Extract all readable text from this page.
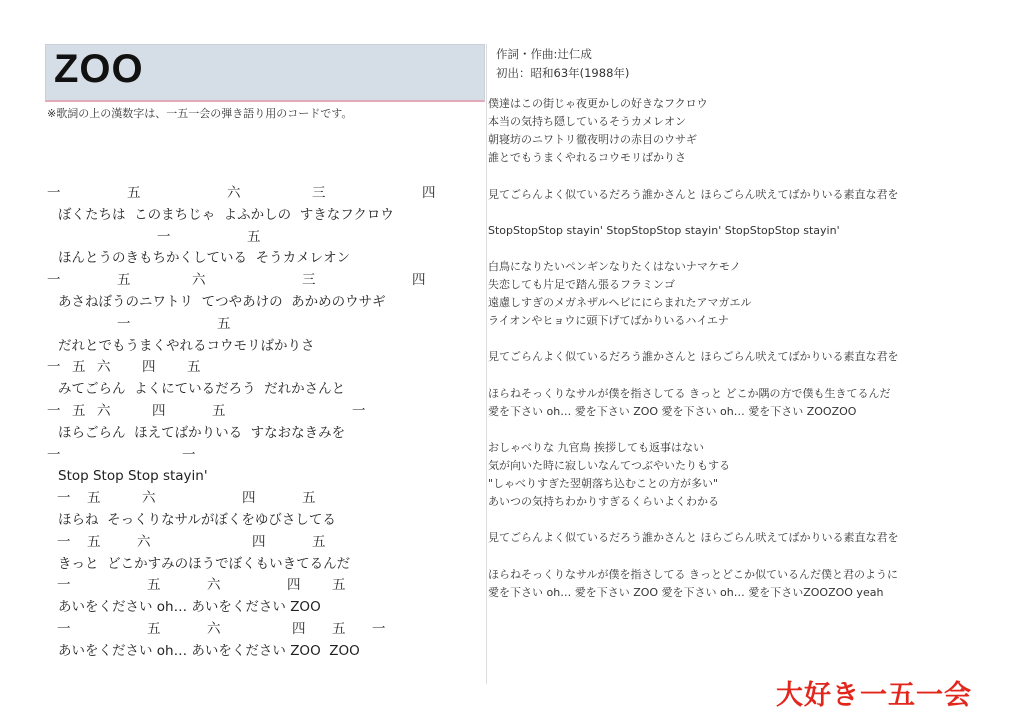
ZOO
※歌詞の上の漢数字は、一五一会の弾き語り用のコードです。
一	五	六	三	四
ぼくたちは  このまちじゃ  よふかしの  すきなフクロウ
一	五
ほんとうのきもちかくしている  そうカメレオン
一	五	六	三	四
あさねぼうのニワトリ  てつやあけの  あかめのウサギ
一	五
だれとでもうまくやれるコウモリばかりさ
一 五 六 四 五
みてごらん  よくにているだろう  だれかさんと
一 五 六	四	五	一
ほらごらん  ほえてばかりいる  すなおなきみを
一	一
Stop Stop Stop stayin'
一 五	六	四	五
ほらね  そっくりなサルがぼくをゆびさしてる
一 五	六	四	五
きっと  どこかすみのほうでぼくもいきてるんだ
一	五	六	四 五
あいをください oh… あいをください ZOO
一	五	六	四 五 一
あいをください oh… あいをください ZOO  ZOO
作詞・作曲:辻仁成
初出：昭和63年(1988年)
僕達はこの街じゃ夜更かしの好きなフクロウ
本当の気持ち隠しているそうカメレオン
朝寝坊のニワトリ徹夜明けの赤目のウサギ
誰とでもうまくやれるコウモリばかりさ
見てごらんよく似ているだろう誰かさんと ほらごらん吠えてばかりいる素直な君を
StopStopStop stayin' StopStopStop stayin' StopStopStop stayin'
白鳥になりたいペンギンなりたくはないナマケモノ
失恋しても片足で踏ん張るフラミンゴ
遠慮しすぎのメガネザルヘビににらまれたアマガエル
ライオンやヒョウに頭下げてばかりいるハイエナ
見てごらんよく似ているだろう誰かさんと ほらごらん吠えてばかりいる素直な君を
ほらねそっくりなサルが僕を指さしてる きっと どこか隅の方で僕も生きてるんだ
愛を下さい oh… 愛を下さい ZOO 愛を下さい oh… 愛を下さい ZOOZOO
おしゃべりな 九官鳥 挨拶しても返事はない
気が向いた時に寂しいなんてつぶやいたりもする
"しゃべりすぎた翌朝落ち込むことの方が多い"
あいつの気持ちわかりすぎるくらいよくわかる
見てごらんよく似ているだろう誰かさんと ほらごらん吠えてばかりいる素直な君を
ほらねそっくりなサルが僕を指さしてる きっとどこか似ているんだ僕と君のように
愛を下さい oh… 愛を下さい ZOO 愛を下さい oh… 愛を下さいZOOZOO yeah
大好き一五一会
